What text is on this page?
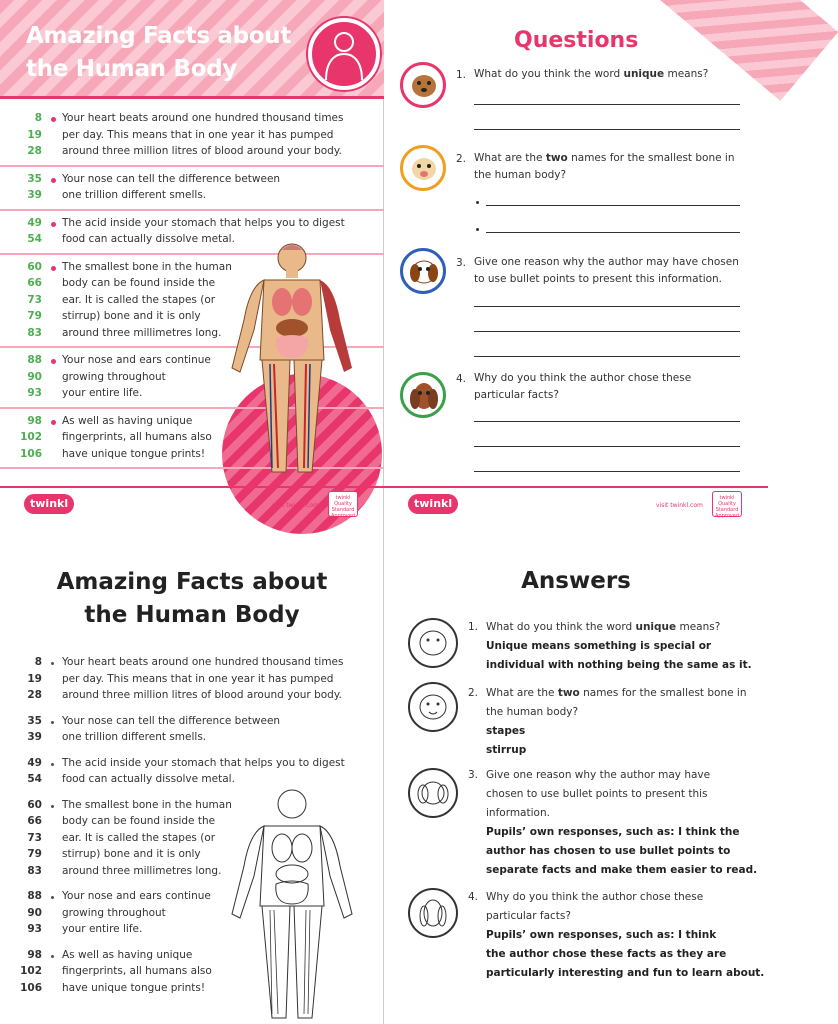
Amazing Facts about
the Human Body
8	Your heart beats around one hundred thousand times
19	per day. This means that in one year it has pumped
28	around three million litres of blood around your body.
35	Your nose can tell the difference between
39	one trillion different smells.
49	The acid inside your stomach that helps you to digest
54	food can actually dissolve metal.
60	The smallest bone in the human
66	body can be found inside the
73	ear. It is called the stapes (or
79	stirrup) bone and it is only
83	around three millimetres long.
88	Your nose and ears continue
90	growing throughout
93	your entire life.
98	As well as having unique
102	fingerprints, all humans also
106	have unique tongue prints!
twinkl	visit twinkl.com
twinkl Quality Standard Approved
Questions
1. What do you think the word unique means?
2. What are the two names for the smallest bone in
the human body?
3. Give one reason why the author may have chosen
to use bullet points to present this information.
4. Why do you think the author chose these
particular facts?
twinkl	visit twinkl.com
twinkl Quality Standard Approved
Amazing Facts about
the Human Body
8	Your heart beats around one hundred thousand times
19	per day. This means that in one year it has pumped
28	around three million litres of blood around your body.
35	Your nose can tell the difference between
39	one trillion different smells.
49	The acid inside your stomach that helps you to digest
54	food can actually dissolve metal.
60	The smallest bone in the human
66	body can be found inside the
73	ear. It is called the stapes (or
79	stirrup) bone and it is only
83	around three millimetres long.
88	Your nose and ears continue
90	growing throughout
93	your entire life.
98	As well as having unique
102	fingerprints, all humans also
106	have unique tongue prints!
Answers
1. What do you think the word unique means?
Unique means something is special or
individual with nothing being the same as it.
2. What are the two names for the smallest bone in
the human body?
stapes
stirrup
3. Give one reason why the author may have
chosen to use bullet points to present this
information.
Pupils’ own responses, such as: I think the
author has chosen to use bullet points to
separate facts and make them easier to read.
4. Why do you think the author chose these
particular facts?
Pupils’ own responses, such as: I think
the author chose these facts as they are
particularly interesting and fun to learn about.
